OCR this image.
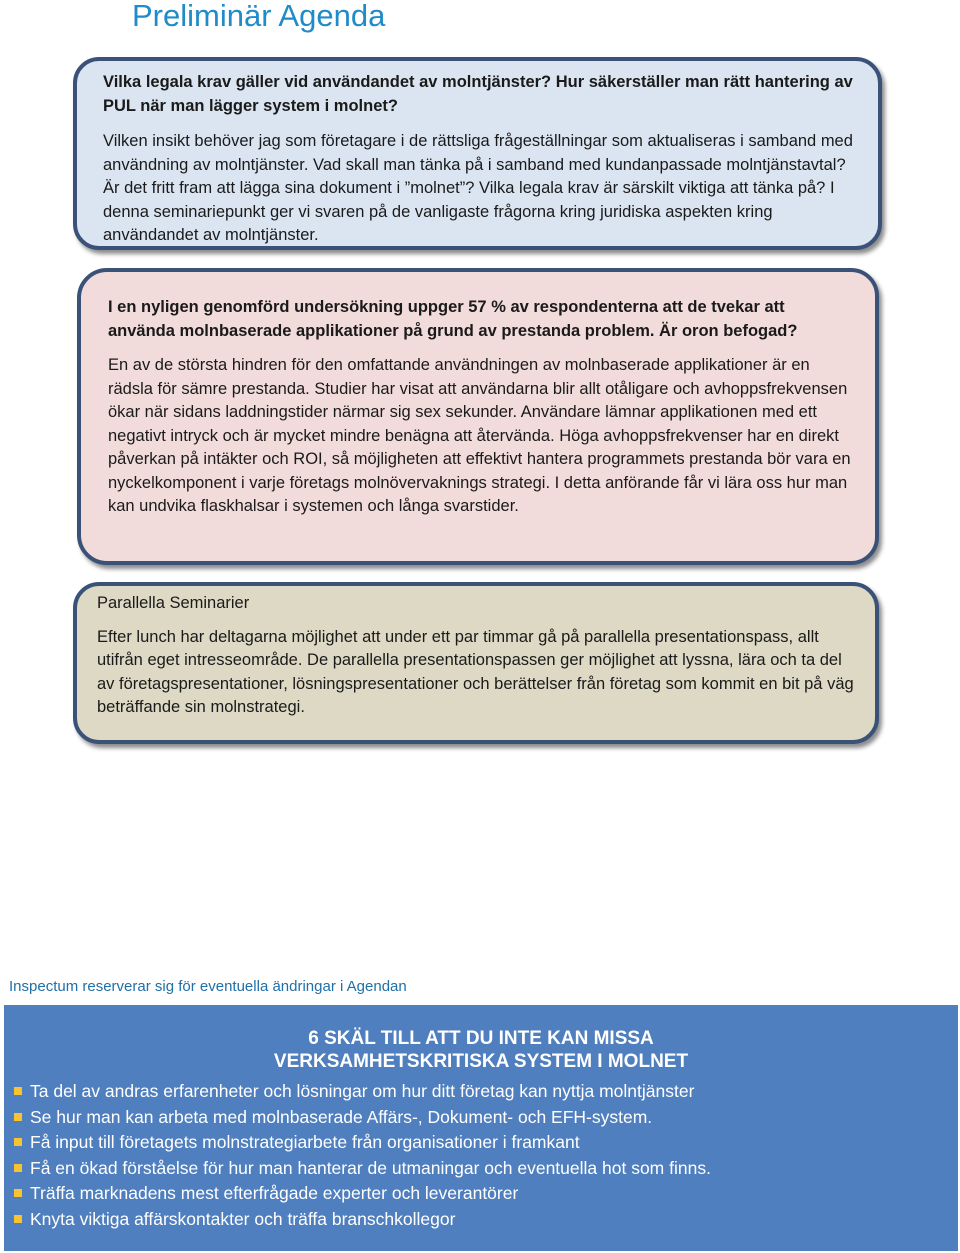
Preliminär Agenda

Vilka legala krav gäller vid användandet av molntjänster? Hur säkerställer man rätt hantering av PUL när man lägger system i molnet?

Vilken insikt behöver jag som företagare i de rättsliga frågeställningar som aktualiseras i samband med användning av molntjänster. Vad skall man tänka på i samband med kundanpassade molntjänstavtal? Är det fritt fram att lägga sina dokument i ”molnet”? Vilka legala krav är särskilt viktiga att tänka på? I denna seminariepunkt ger vi svaren på de vanligaste frågorna kring juridiska aspekten kring användandet av molntjänster.

I en nyligen genomförd undersökning uppger 57 % av respondenterna att de tvekar att använda molnbaserade applikationer på grund av prestanda problem. Är oron befogad?

En av de största hindren för den omfattande användningen av molnbaserade applikationer är en rädsla för sämre prestanda. Studier har visat att användarna blir allt otåligare och avhoppsfrekvensen ökar när sidans laddningstider närmar sig sex sekunder. Användare lämnar applikationen med ett negativt intryck och är mycket mindre benägna att återvända. Höga avhoppsfrekvenser har en direkt påverkan på intäkter och ROI, så möjligheten att effektivt hantera programmets prestanda bör vara en nyckelkomponent i varje företags molnövervaknings strategi. I detta anförande får vi lära oss hur man kan undvika flaskhalsar i systemen och långa svarstider.

Parallella Seminarier

Efter lunch har deltagarna möjlighet att under ett par timmar gå på parallella presentationspass, allt utifrån eget intresseområde. De parallella presentationspassen ger möjlighet att lyssna, lära och ta del av företagspresentationer, lösningspresentationer och berättelser från företag som kommit en bit på väg beträffande sin molnstrategi.

Inspectum reserverar sig för eventuella ändringar i Agendan

6 SKÄL TILL ATT DU INTE KAN MISSA

VERKSAMHETSKRITISKA SYSTEM I MOLNET

Ta del av andras erfarenheter och lösningar om hur ditt företag kan nyttja molntjänster
Se hur man kan arbeta med molnbaserade Affärs-, Dokument- och EFH-system.
Få input till företagets molnstrategiarbete från organisationer i framkant
Få en ökad förståelse för hur man hanterar de utmaningar och eventuella hot som finns.
Träffa marknadens mest efterfrågade experter och leverantörer
Knyta viktiga affärskontakter och träffa branschkollegor
